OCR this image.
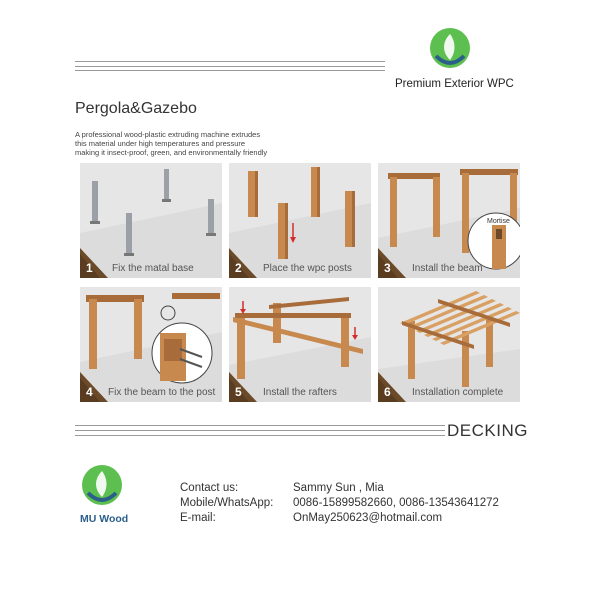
Premium Exterior WPC
Pergola&Gazebo
A professional wood-plastic extruding machine extrudes
this material under high temperatures and pressure
making it insect-proof, green, and environmentally friendly
1 Fix the matal base	2 Place the wpc posts
Mortise
3 Install the beam
4 Fix the beam to the post 5 Install the rafters	6 Installation complete
DECKING
MU Wood
Contact us:	Sammy Sun , Mia
Mobile/WhatsApp: 0086-15899582660, 0086-13543641272
E-mail:	OnMay250623@hotmail.com
